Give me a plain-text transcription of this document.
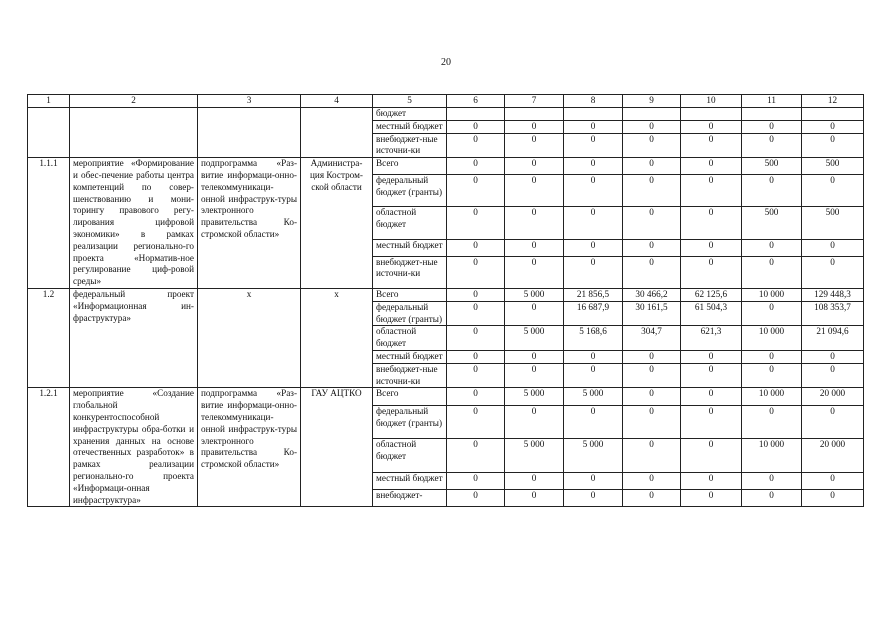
20
1	2	3	4	5	6	7	8	9	10	11	12
				бюджет							
				местный бюджет	0	0	0	0	0	0	0
				внебюджет-ные источни-ки	0	0	0	0	0	0	0
1.1.1	мероприятие «Формирование и обес-печение работы центра компетенций по совер-шенствованию и мони-торингу правового регу-лирования цифровой экономики» в рамках реализации регионально-го проекта «Норматив-ное регулирование циф-ровой среды»	подпрограмма «Раз-витие информаци-онно-телекоммуникаци-онной инфраструк-туры электронного правительства Ко-стромской области»	Администра-ция Костром-ской области	Всего	0	0	0	0	0	500	500
				федеральный бюджет (гранты)	0	0	0	0	0	0	0
				областной бюджет	0	0	0	0	0	500	500
				местный бюджет	0	0	0	0	0	0	0
				внебюджет-ные источни-ки	0	0	0	0	0	0	0
1.2	федеральный проект «Информационная ин-фраструктура»	х	х	Всего	0	5 000	21 856,5	30 466,2	62 125,6	10 000	129 448,3
				федеральный бюджет (гранты)	0	0	16 687,9	30 161,5	61 504,3	0	108 353,7
				областной бюджет	0	5 000	5 168,6	304,7	621,3	10 000	21 094,6
				местный бюджет	0	0	0	0	0	0	0
				внебюджет-ные источни-ки	0	0	0	0	0	0	0
1.2.1	мероприятие «Создание глобальной конкурентоспособной инфраструктуры обра-ботки и хранения данных на основе отечественных разработок» в рамках реализации регионально-го проекта «Информаци-онная инфраструктура»	подпрограмма «Раз-витие информаци-онно-телекоммуникаци-онной инфраструк-туры электронного правительства Ко-стромской области»	ГАУ АЦТКО	Всего	0	5 000	5 000	0	0	10 000	20 000
				федеральный бюджет (гранты)	0	0	0	0	0	0	0
				областной бюджет	0	5 000	5 000	0	0	10 000	20 000
				местный бюджет	0	0	0	0	0	0	0
				внебюджет-	0	0	0	0	0	0	0
